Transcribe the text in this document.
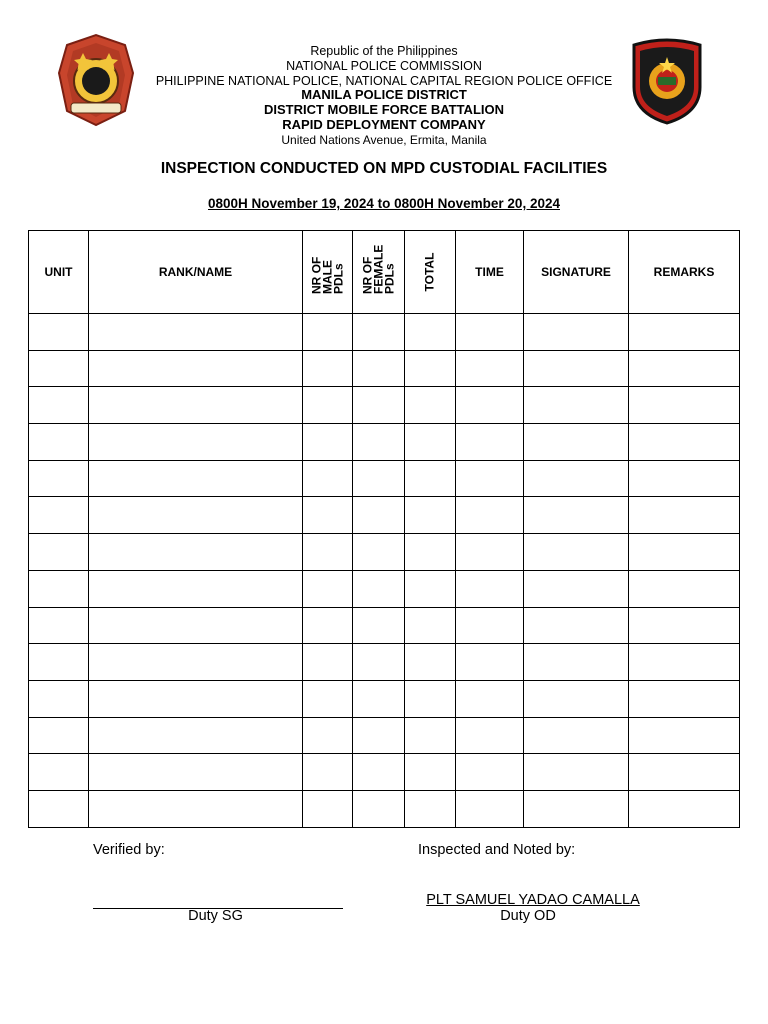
Republic of the Philippines
NATIONAL POLICE COMMISSION
PHILIPPINE NATIONAL POLICE, NATIONAL CAPITAL REGION POLICE OFFICE
MANILA POLICE DISTRICT
DISTRICT MOBILE FORCE BATTALION
RAPID DEPLOYMENT COMPANY
United Nations Avenue, Ermita, Manila
INSPECTION CONDUCTED ON MPD CUSTODIAL FACILITIES
0800H November 19, 2024 to 0800H November 20, 2024
UNIT	RANK/NAME	NR OF MALE PDLs	NR OF FEMALE PDLs	TOTAL	TIME	SIGNATURE	REMARKS

Verified by:
Duty SG
Inspected and Noted by:
PLT SAMUEL YADAO CAMALLA
Duty OD
